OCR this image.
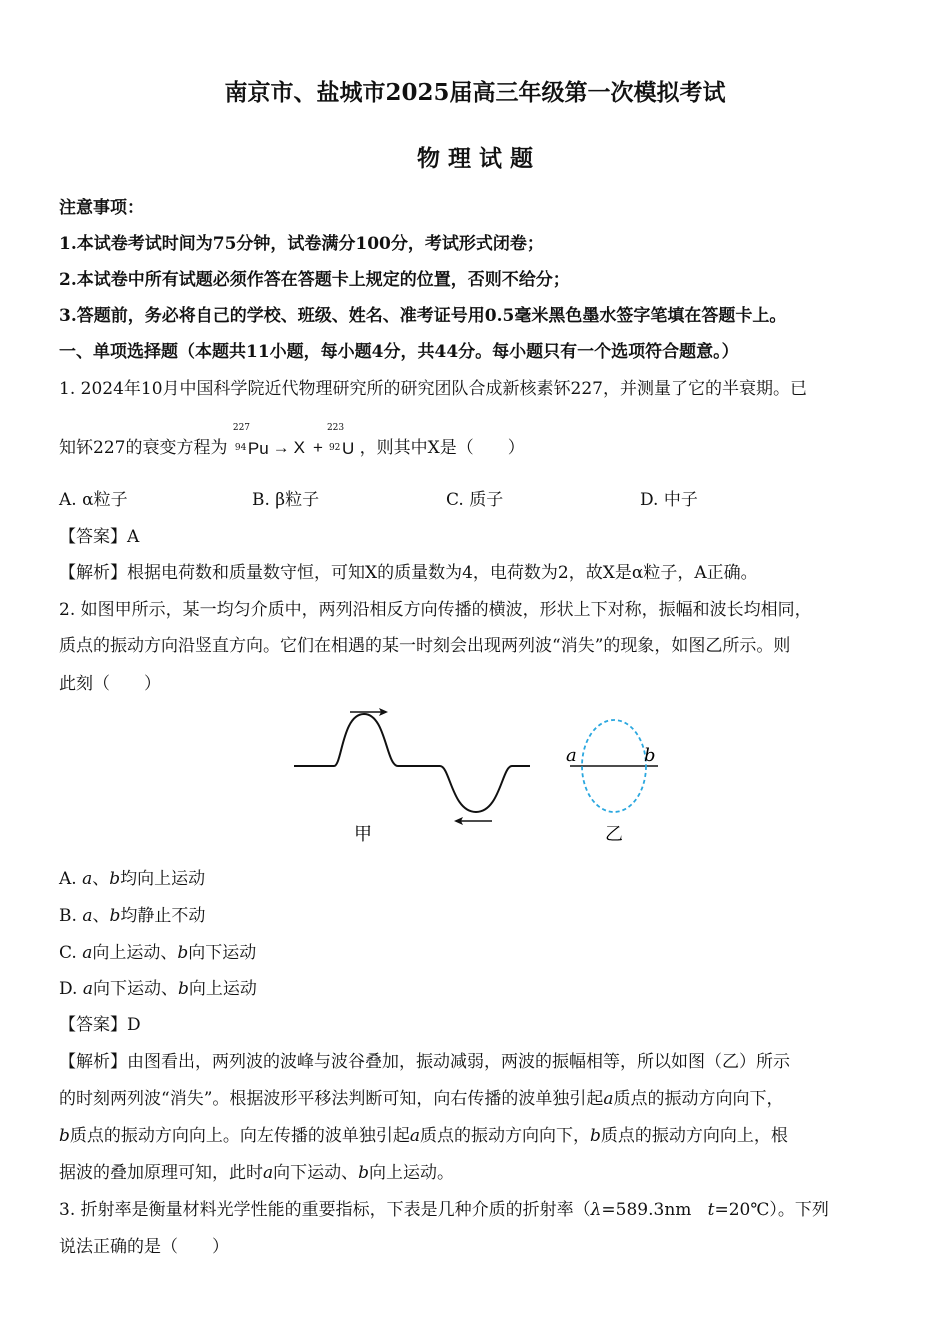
南京市、盐城市2025届高三年级第一次模拟考试
物 理 试 题
注意事项：
1.本试卷考试时间为75分钟，试卷满分100分，考试形式闭卷；
2.本试卷中所有试题必须作答在答题卡上规定的位置，否则不给分；
3.答题前，务必将自己的学校、班级、姓名、准考证号用0.5毫米黑色墨水签字笔填在答题卡上。
一、单项选择题（本题共11小题，每小题4分，共44分。每小题只有一个选项符合题意。）
1. 2024年10月中国科学院近代物理研究所的研究团队合成新核素钚227，并测量了它的半衰期。已
知钚227的衰变方程为
227
94 Pu → X +
223
92 U ，则其中X是（　　）
A. α粒子	B. β粒子	C. 质子	D. 中子
【答案】A
【解析】根据电荷数和质量数守恒，可知X的质量数为4，电荷数为2，故X是α粒子，A正确。
2. 如图甲所示，某一均匀介质中，两列沿相反方向传播的横波，形状上下对称，振幅和波长均相同，
质点的振动方向沿竖直方向。它们在相遇的某一时刻会出现两列波“消失”的现象，如图乙所示。则
此刻（　　）
甲
a	b
乙
A. a、b均向上运动
B. a、b均静止不动
C. a向上运动、b向下运动
D. a向下运动、b向上运动
【答案】D
【解析】由图看出，两列波的波峰与波谷叠加，振动减弱，两波的振幅相等，所以如图（乙）所示
的时刻两列波“消失”。根据波形平移法判断可知，向右传播的波单独引起a质点的振动方向向下，
b质点的振动方向向上。向左传播的波单独引起a质点的振动方向向下，b质点的振动方向向上，根
据波的叠加原理可知，此时a向下运动、b向上运动。
3. 折射率是衡量材料光学性能的重要指标，下表是几种介质的折射率（λ=589.3nm t=20℃）。下列
说法正确的是（　　）
